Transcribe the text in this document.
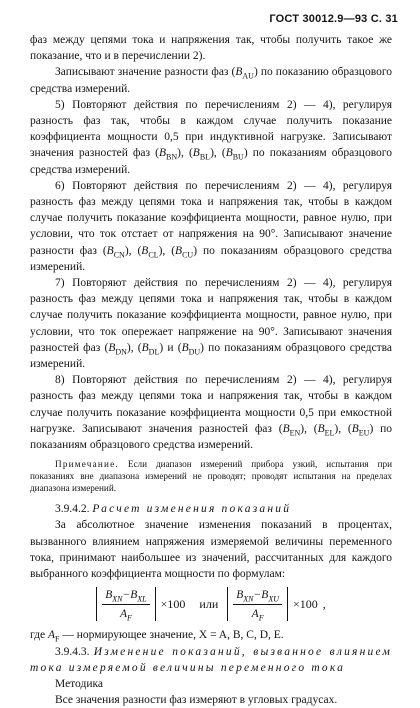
ГОСТ 30012.9—93 С. 31

фаз между цепями тока и напряжения так, чтобы получить такое же показание, что и в перечислении 2).

Записывают значение разности фаз $(B_{AU})$ по показанию образцового средства измерений.

5) Повторяют действия по перечислениям 2) — 4), регулируя разность фаз так, чтобы в каждом случае получить показание коэффициента мощности 0,5 при индуктивной нагрузке. Записывают значения разностей фаз $(B_{BN})$, $(B_{BL})$, $(B_{BU})$ по показаниям образцового средства измерений.

6) Повторяют действия по перечислениям 2) — 4), регулируя разность фаз между цепями тока и напряжения так, чтобы в каждом случае получить показание коэффициента мощности, равное нулю, при условии, что ток отстает от напряжения на 90°. Записывают значение разности фаз $(B_{CN})$, $(B_{CL})$, $(B_{CU})$ по показаниям образцового средства измерений.

7) Повторяют действия по перечислениям 2) — 4), регулируя разность фаз между цепями тока и напряжения так, чтобы в каждом случае получить показание коэффициента мощности, равное нулю, при условии, что ток опережает напряжение на 90°. Записывают значения разностей фаз $(B_{DN})$, $(B_{DL})$ и $(B_{DU})$ по показаниям образцового средства измерений.

8) Повторяют действия по перечислениям 2) — 4), регулируя разность фаз между цепями тока и напряжения так, чтобы в каждом случае получить показание коэффициента мощности 0,5 при емкостной нагрузке. Записывают значения разностей фаз $(B_{EN})$, $(B_{EL})$, $(B_{EU})$ по показаниям образцового средства измерений.

Примечание. Если диапазон измерений прибора узкий, испытания при показаниях вне диапазона измерений не проводят; проводят испытания на пределах диапазона измерений.

3.9.4.2. Расчет изменения показаний

За абсолютное значение изменения показаний в процентах, вызванного влиянием напряжения измеряемой величины переменного тока, принимают наибольшее из значений, рассчитанных для каждого выбранного коэффициента мощности по формулам:

$\frac{B_{XN}-B_{XL}}{A_F} \times 100$ или $\frac{B_{XN}-B_{XU}}{A_F} \times 100$ ,

где $A_F$ — нормирующее значение, X = A, B, C, D, E.

3.9.4.3. Изменение показаний, вызванное влиянием тока измеряемой величины переменного тока

Методика

Все значения разности фаз измеряют в угловых градусах.
